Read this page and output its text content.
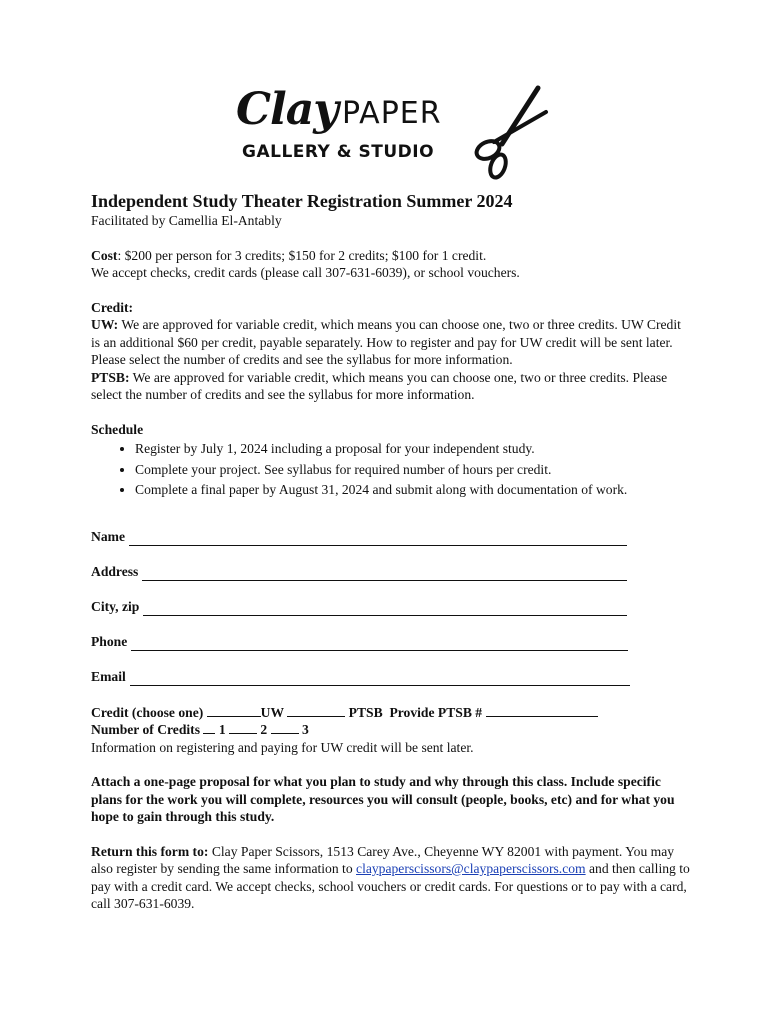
Clay PAPER
GALLERY & STUDIO

Independent Study Theater Registration Summer 2024

Facilitated by Camellia El-Antably

Cost: $200 per person for 3 credits; $150 for 2 credits; $100 for 1 credit.

We accept checks, credit cards (please call 307-631-6039), or school vouchers.

Credit:

UW: We are approved for variable credit, which means you can choose one, two or three credits. UW Credit is an additional $60 per credit, payable separately. How to register and pay for UW credit will be sent later. Please select the number of credits and see the syllabus for more information.

PTSB: We are approved for variable credit, which means you can choose one, two or three credits. Please select the number of credits and see the syllabus for more information.

Schedule

• Register by July 1, 2024 including a proposal for your independent study.
• Complete your project. See syllabus for required number of hours per credit.
• Complete a final paper by August 31, 2024 and submit along with documentation of work.
Name
Address
City, zip
Phone
Email

Credit (choose one)	UW	PTSB Provide PTSB #

Number of Credits 1	2	3

Information on registering and paying for UW credit will be sent later.

Attach a one-page proposal for what you plan to study and why through this class. Include specific plans for the work you will complete, resources you will consult (people, books, etc) and for what you hope to gain through this study.

Return this form to: Clay Paper Scissors, 1513 Carey Ave., Cheyenne WY 82001 with payment. You may also register by sending the same information to claypaperscissors@claypaperscissors.com and then calling to pay with a credit card. We accept checks, school vouchers or credit cards. For questions or to pay with a card, call 307-631-6039.
